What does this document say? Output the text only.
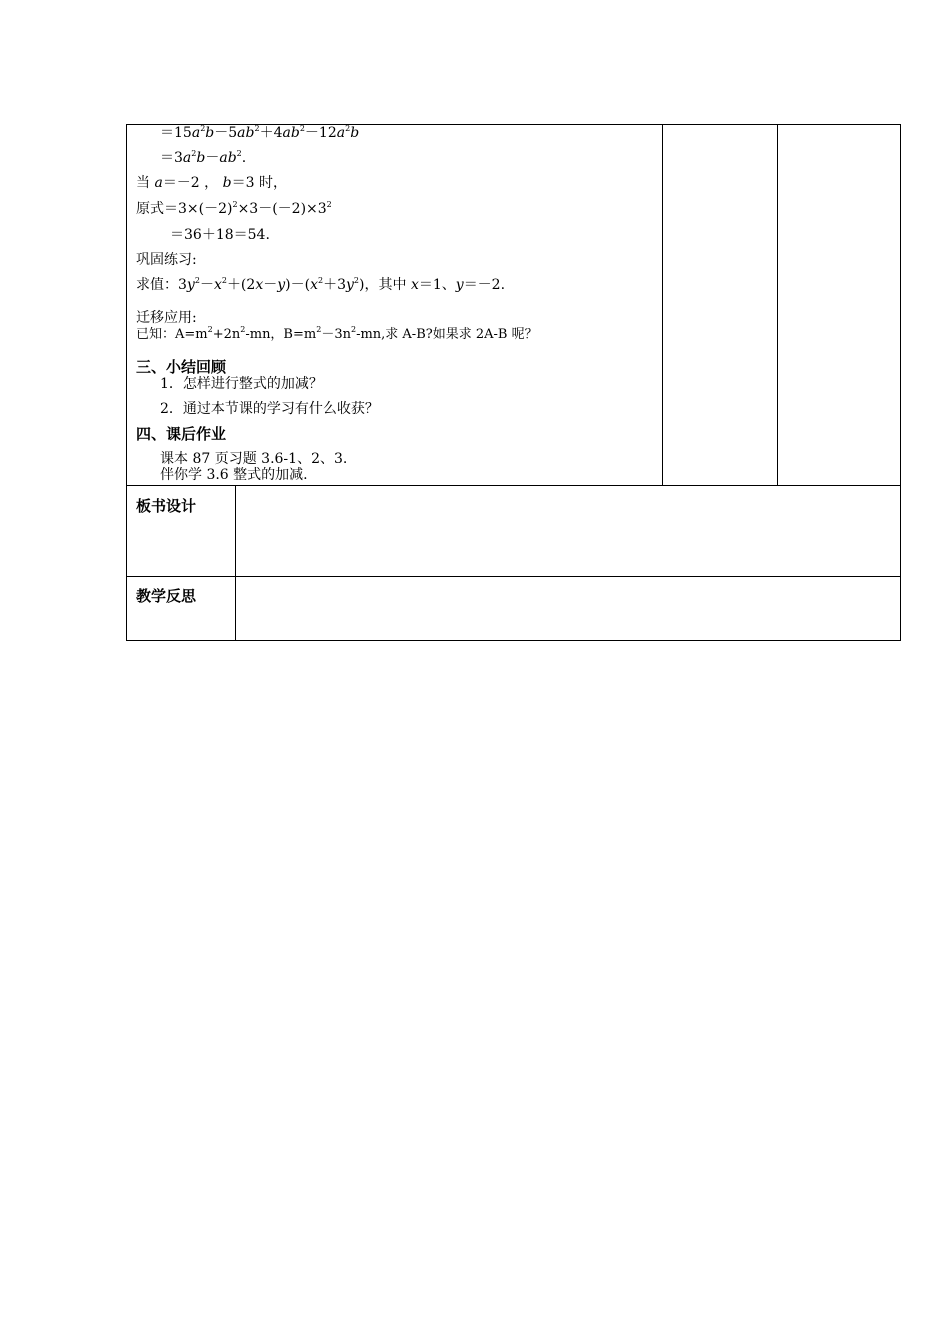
$=15a^2b-5ab^2+4ab^2-12a^2b$
$=3a^2b-ab^2$.
当 a＝－2 ， b＝3 时，
原式$=3\times(-2)^2\times 3-(-2)\times 3^2$
＝36＋18＝54.
巩固练习:
求值：$3y^2-x^2+(2x-y)-(x^2+3y^2)$，其中 x＝1、y＝－2.
迁移应用:
已知：$A=m^2+2n^2-mn$，$B=m^2-3n^2-mn$,求 A-B?如果求 2A-B 呢？
三、小结回顾
1．怎样进行整式的加减？
2．通过本节课的学习有什么收获？
四、课后作业
课本 87 页习题 3.6-1、2、3.
伴你学 3.6 整式的加减.
板书设计
教学反思
